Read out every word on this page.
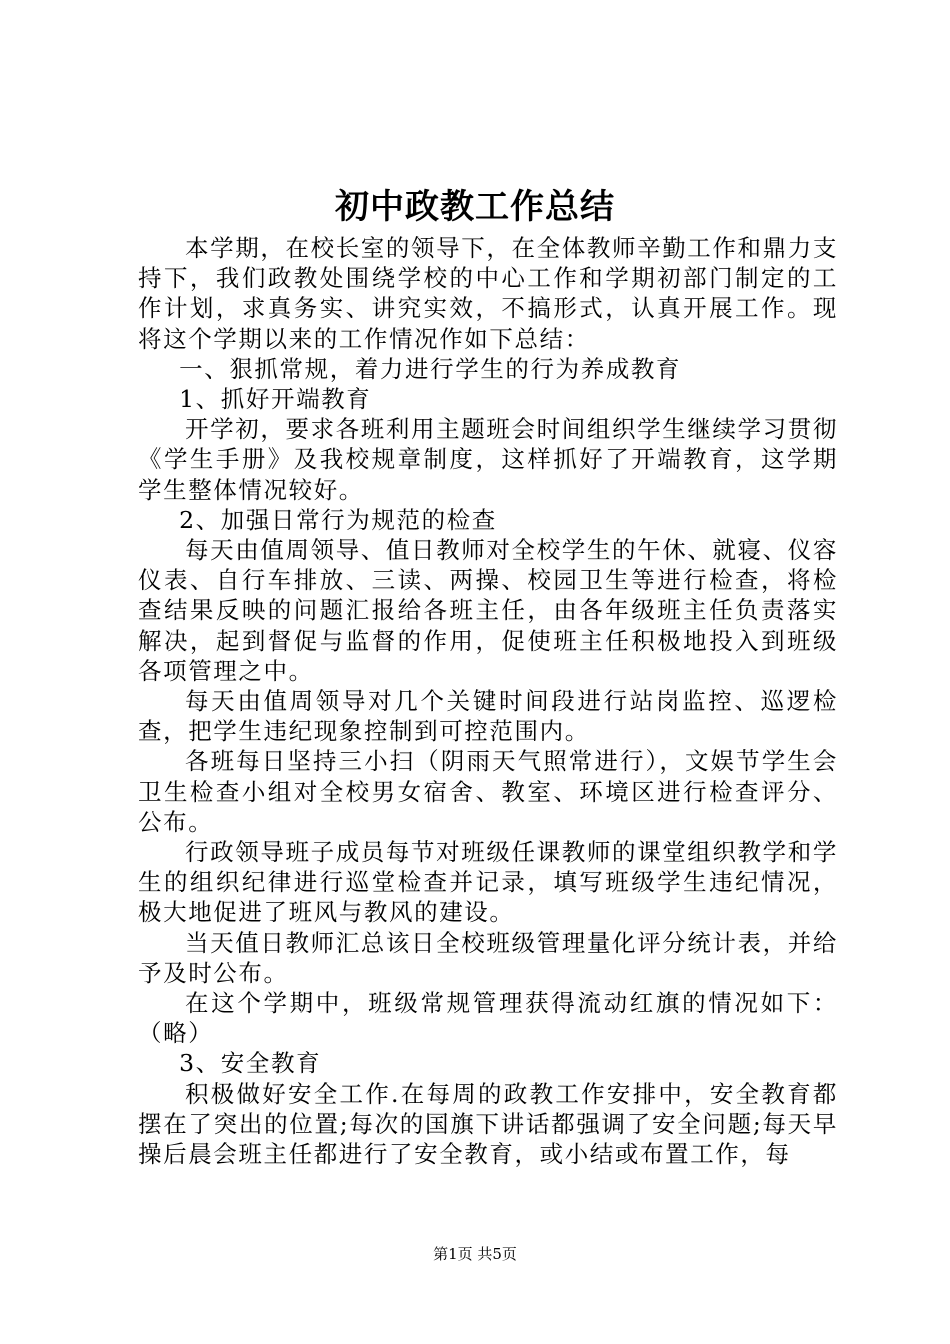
初中政教工作总结

本学期，在校长室的领导下，在全体教师辛勤工作和鼎力支持下，我们政教处围绕学校的中心工作和学期初部门制定的工作计划，求真务实、讲究实效，不搞形式，认真开展工作。现将这个学期以来的工作情况作如下总结：

一、狠抓常规，着力进行学生的行为养成教育

1、抓好开端教育

开学初，要求各班利用主题班会时间组织学生继续学习贯彻《学生手册》及我校规章制度，这样抓好了开端教育，这学期学生整体情况较好。

2、加强日常行为规范的检查

每天由值周领导、值日教师对全校学生的午休、就寝、仪容仪表、自行车排放、三读、两操、校园卫生等进行检查，将检查结果反映的问题汇报给各班主任，由各年级班主任负责落实解决，起到督促与监督的作用，促使班主任积极地投入到班级各项管理之中。

每天由值周领导对几个关键时间段进行站岗监控、巡逻检查，把学生违纪现象控制到可控范围内。

各班每日坚持三小扫（阴雨天气照常进行），文娱节学生会卫生检查小组对全校男女宿舍、教室、环境区进行检查评分、公布。

行政领导班子成员每节对班级任课教师的课堂组织教学和学生的组织纪律进行巡堂检查并记录，填写班级学生违纪情况，极大地促进了班风与教风的建设。

当天值日教师汇总该日全校班级管理量化评分统计表，并给予及时公布。

在这个学期中，班级常规管理获得流动红旗的情况如下：（略）

3、安全教育

积极做好安全工作.在每周的政教工作安排中，安全教育都摆在了突出的位置;每次的国旗下讲话都强调了安全问题;每天早操后晨会班主任都进行了安全教育，或小结或布置工作，每

第1页 共5页
